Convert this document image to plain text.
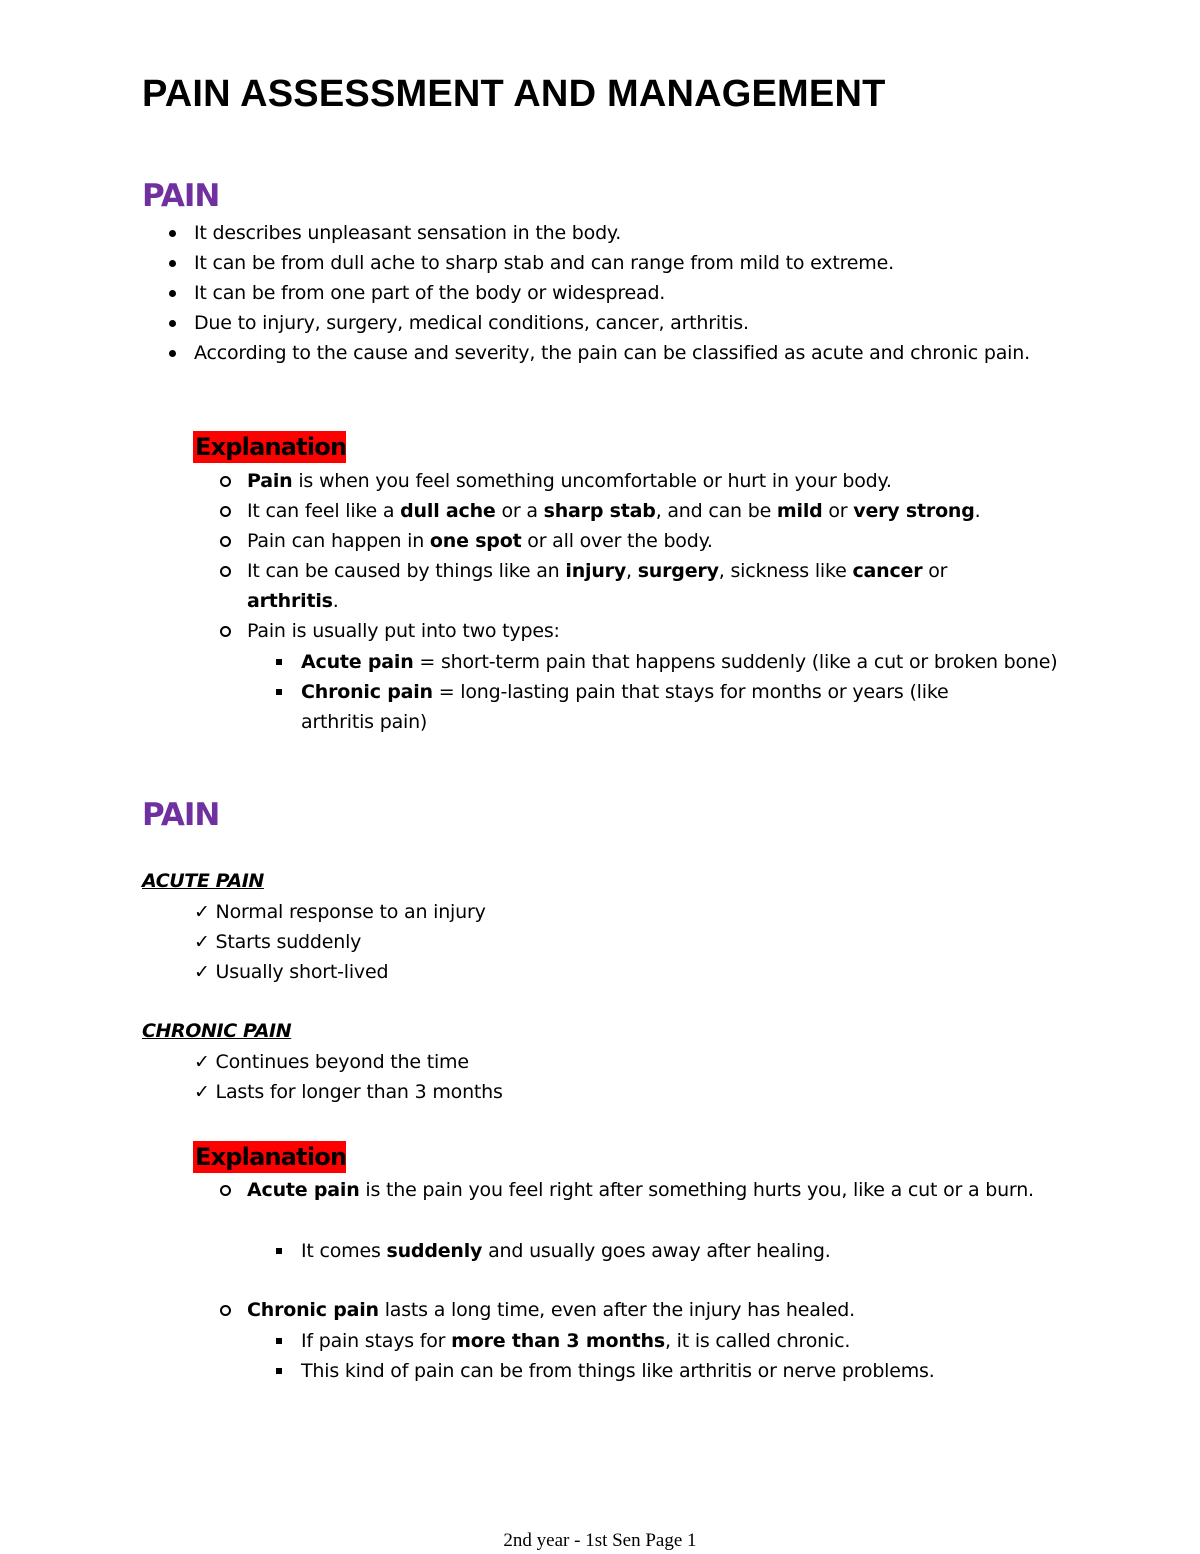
PAIN ASSESSMENT AND MANAGEMENT
PAIN
It describes unpleasant sensation in the body.
It can be from dull ache to sharp stab and can range from mild to extreme.
It can be from one part of the body or widespread.
Due to injury, surgery, medical conditions, cancer, arthritis.
According to the cause and severity, the pain can be classified as acute and chronic pain.
Explanation
Pain is when you feel something uncomfortable or hurt in your body.
It can feel like a dull ache or a sharp stab, and can be mild or very strong.
Pain can happen in one spot or all over the body.
It can be caused by things like an injury, surgery, sickness like cancer or arthritis.
Pain is usually put into two types:
Acute pain = short-term pain that happens suddenly (like a cut or broken bone)
Chronic pain = long-lasting pain that stays for months or years (like arthritis pain)
PAIN
ACUTE PAIN
✓ Normal response to an injury
✓ Starts suddenly
✓ Usually short-lived
CHRONIC PAIN
✓ Continues beyond the time
✓ Lasts for longer than 3 months
Explanation
Acute pain is the pain you feel right after something hurts you, like a cut or a burn.
It comes suddenly and usually goes away after healing.
Chronic pain lasts a long time, even after the injury has healed.
If pain stays for more than 3 months, it is called chronic.
This kind of pain can be from things like arthritis or nerve problems.
2nd year - 1st Sen Page 1
